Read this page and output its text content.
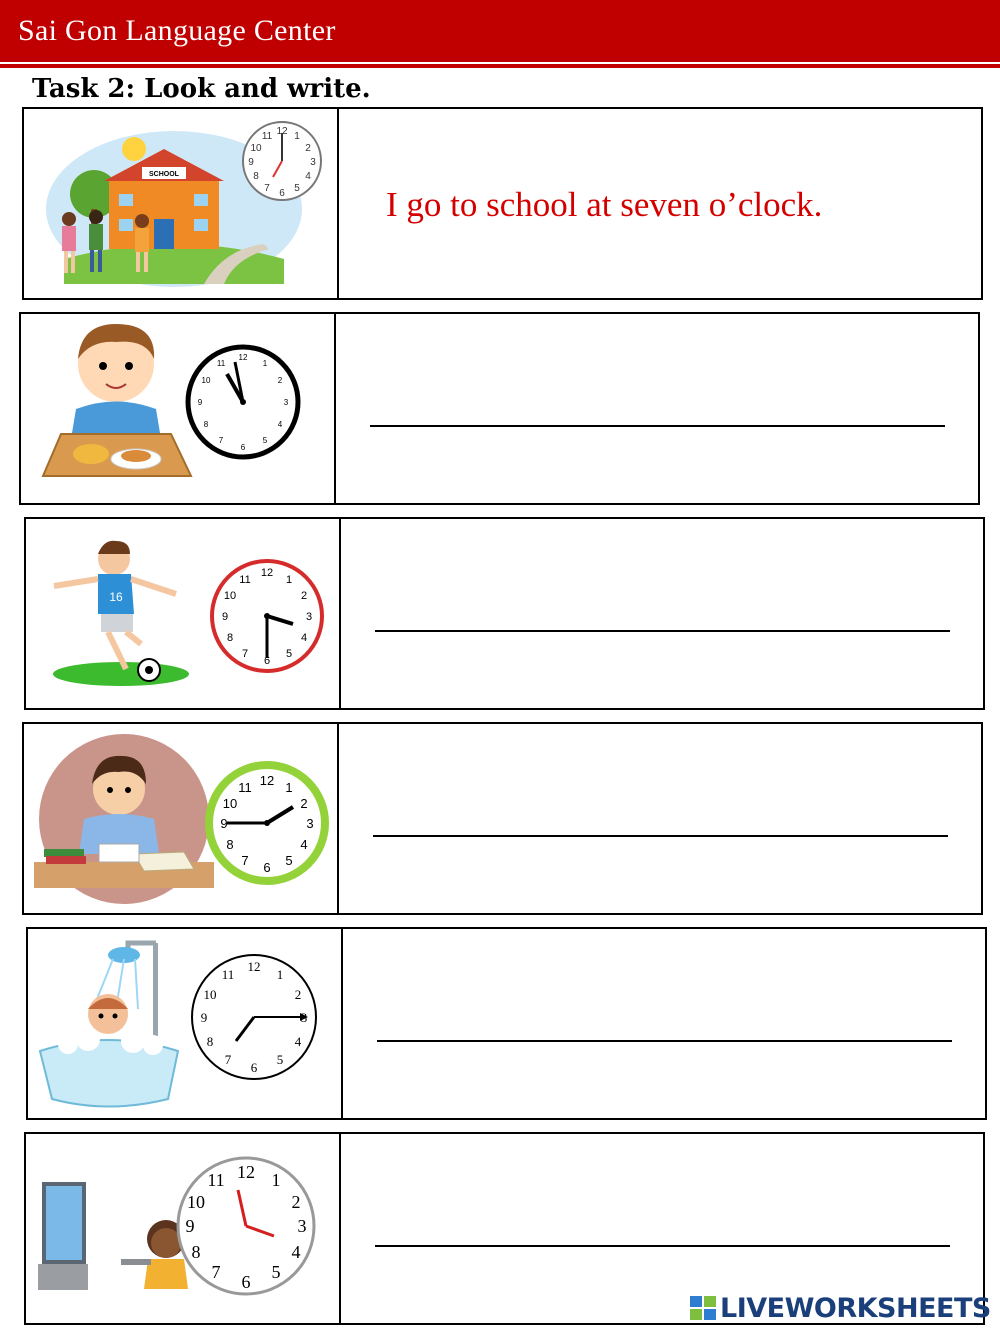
Sai Gon Language Center
Task 2: Look and write.
SCHOOL
12 1
2
3
4
5
6
7
8
9
10
11
I go to school at seven o’clock.
12
1
2
3
4
5
6
7
8
9
10
11
16
12
1
2
3
4
5
6
7
8
9
10
11
12 1
2
3
4
5
6
7
8
9
10
11
12
1
2
4
5
6
7
8
9
10
11
12 1
2
3
4
5
6
7
8
9
10
11
LIVEWORKSHEETS
